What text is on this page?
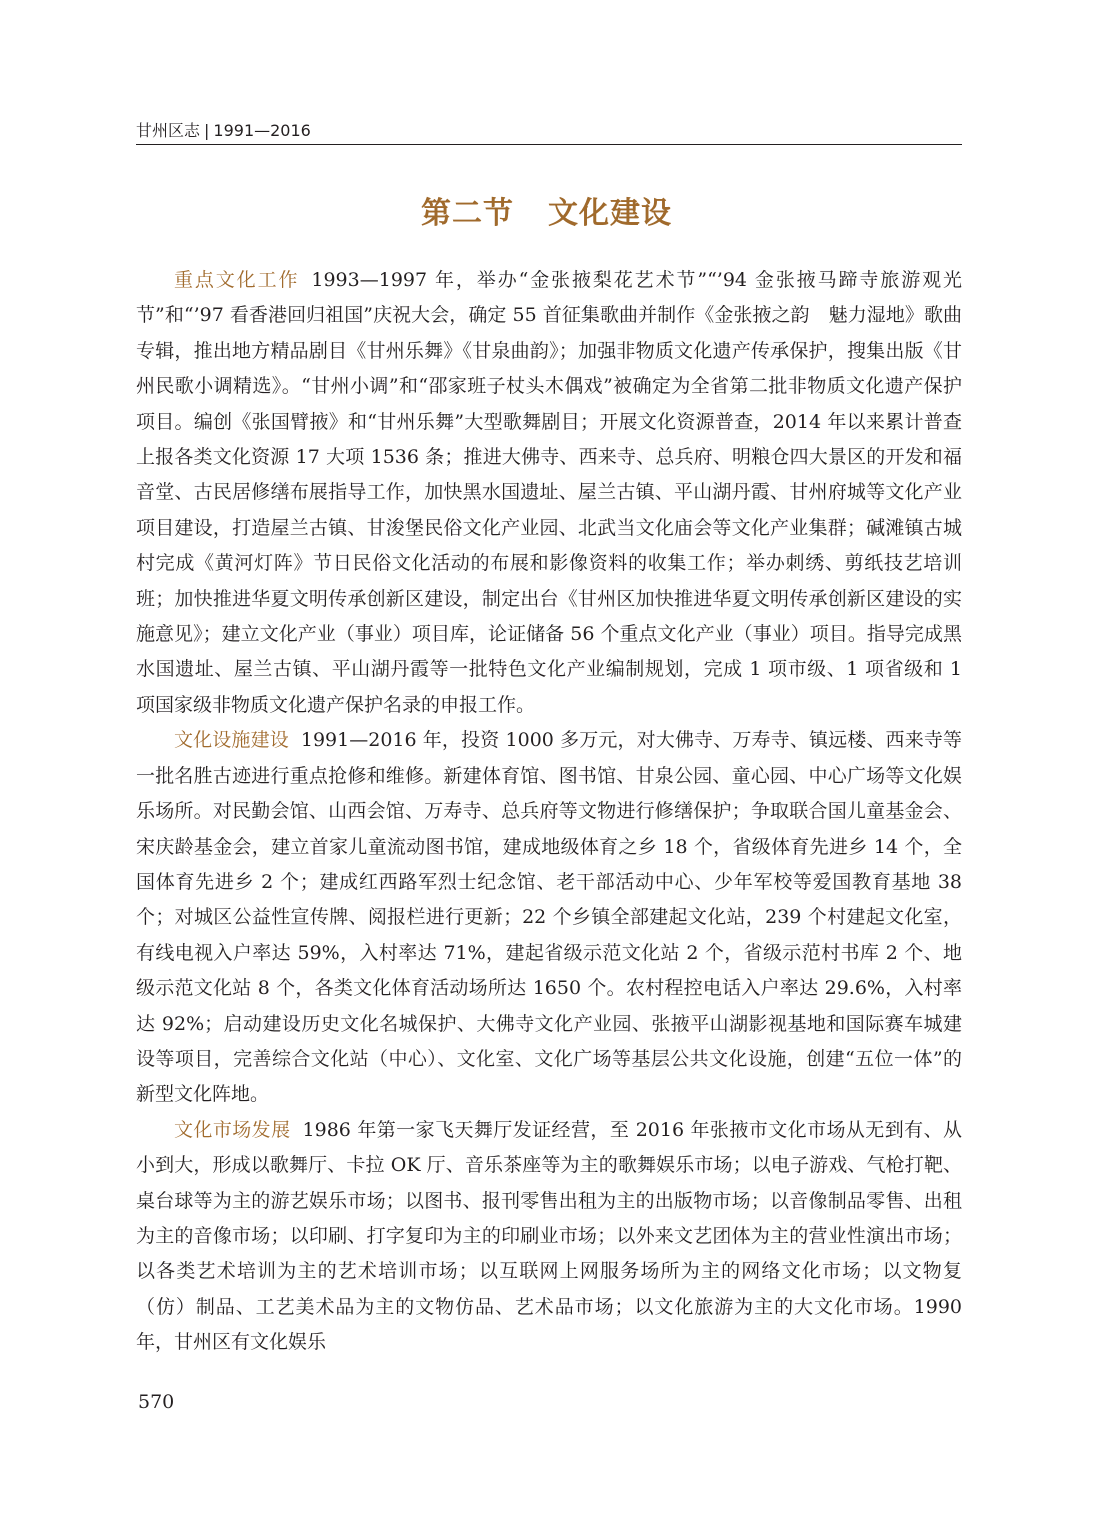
甘州区志 | 1991—2016
第二节 文化建设

重点文化工作 1993—1997 年，举办“金张掖梨花艺术节”“’94 金张掖马蹄寺旅游观光节”和“’97 看香港回归祖国”庆祝大会，确定 55 首征集歌曲并制作《金张掖之韵　魅力湿地》歌曲专辑，推出地方精品剧目《甘州乐舞》《甘泉曲韵》；加强非物质文化遗产传承保护，搜集出版《甘州民歌小调精选》。“甘州小调”和“邵家班子杖头木偶戏”被确定为全省第二批非物质文化遗产保护项目。编创《张国臂掖》和“甘州乐舞”大型歌舞剧目；开展文化资源普查，2014 年以来累计普查上报各类文化资源 17 大项 1536 条；推进大佛寺、西来寺、总兵府、明粮仓四大景区的开发和福音堂、古民居修缮布展指导工作，加快黑水国遗址、屋兰古镇、平山湖丹霞、甘州府城等文化产业项目建设，打造屋兰古镇、甘浚堡民俗文化产业园、北武当文化庙会等文化产业集群；碱滩镇古城村完成《黄河灯阵》节日民俗文化活动的布展和影像资料的收集工作；举办刺绣、剪纸技艺培训班；加快推进华夏文明传承创新区建设，制定出台《甘州区加快推进华夏文明传承创新区建设的实施意见》；建立文化产业（事业）项目库，论证储备 56 个重点文化产业（事业）项目。指导完成黑水国遗址、屋兰古镇、平山湖丹霞等一批特色文化产业编制规划，完成 1 项市级、1 项省级和 1 项国家级非物质文化遗产保护名录的申报工作。

文化设施建设 1991—2016 年，投资 1000 多万元，对大佛寺、万寿寺、镇远楼、西来寺等一批名胜古迹进行重点抢修和维修。新建体育馆、图书馆、甘泉公园、童心园、中心广场等文化娱乐场所。对民勤会馆、山西会馆、万寿寺、总兵府等文物进行修缮保护；争取联合国儿童基金会、宋庆龄基金会，建立首家儿童流动图书馆，建成地级体育之乡 18 个，省级体育先进乡 14 个，全国体育先进乡 2 个；建成红西路军烈士纪念馆、老干部活动中心、少年军校等爱国教育基地 38 个；对城区公益性宣传牌、阅报栏进行更新；22 个乡镇全部建起文化站，239 个村建起文化室，有线电视入户率达 59%，入村率达 71%，建起省级示范文化站 2 个，省级示范村书库 2 个、地级示范文化站 8 个，各类文化体育活动场所达 1650 个。农村程控电话入户率达 29.6%，入村率达 92%；启动建设历史文化名城保护、大佛寺文化产业园、张掖平山湖影视基地和国际赛车城建设等项目，完善综合文化站（中心）、文化室、文化广场等基层公共文化设施，创建“五位一体”的新型文化阵地。

文化市场发展 1986 年第一家飞天舞厅发证经营，至 2016 年张掖市文化市场从无到有、从小到大，形成以歌舞厅、卡拉 OK 厅、音乐茶座等为主的歌舞娱乐市场；以电子游戏、气枪打靶、桌台球等为主的游艺娱乐市场；以图书、报刊零售出租为主的出版物市场；以音像制品零售、出租为主的音像市场；以印刷、打字复印为主的印刷业市场；以外来文艺团体为主的营业性演出市场；以各类艺术培训为主的艺术培训市场；以互联网上网服务场所为主的网络文化市场；以文物复（仿）制品、工艺美术品为主的文物仿品、艺术品市场；以文化旅游为主的大文化市场。1990 年，甘州区有文化娱乐

570
